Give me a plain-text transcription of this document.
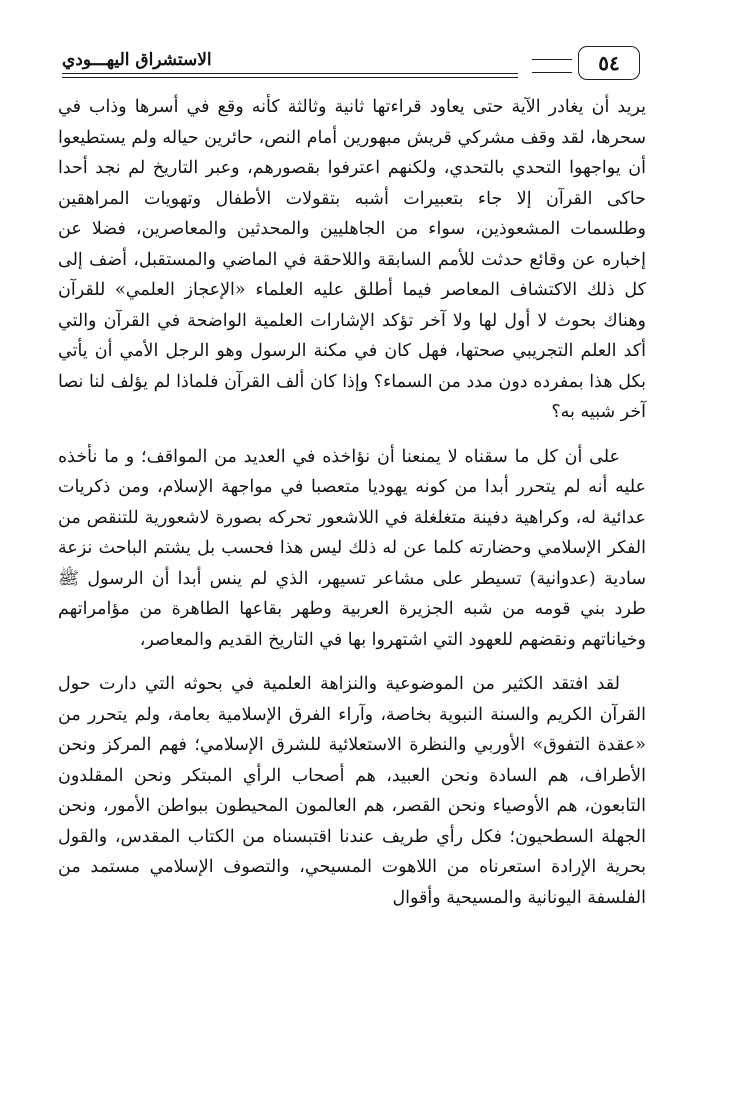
الاستشراق اليهـــودي	٥٤

يريد أن يغادر الآية حتى يعاود قراءتها ثانية وثالثة كأنه وقع في أسرها وذاب في سحرها، لقد وقف مشركي قريش مبهورين أمام النص، حائرين حياله ولم يستطيعوا أن يواجهوا التحدي بالتحدي، ولكنهم اعترفوا بقصورهم، وعبر التاريخ لم نجد أحدا حاكى القرآن إلا جاء بتعبيرات أشبه بتقولات الأطفال وتهويات المراهقين وطلسمات المشعوذين، سواء من الجاهليين والمحدثين والمعاصرين، فضلا عن إخباره عن وقائع حدثت للأمم السابقة واللاحقة في الماضي والمستقبل، أضف إلى كل ذلك الاكتشاف المعاصر فيما أطلق عليه العلماء «الإعجاز العلمي» للقرآن وهناك بحوث لا أول لها ولا آخر تؤكد الإشارات العلمية الواضحة في القرآن والتي أكد العلم التجريبي صحتها، فهل كان في مكنة الرسول وهو الرجل الأمي أن يأتي بكل هذا بمفرده دون مدد من السماء؟ وإذا كان ألف القرآن فلماذا لم يؤلف لنا نصا آخر شبيه به؟

على أن كل ما سقناه لا يمنعنا أن نؤاخذه في العديد من المواقف؛ و ما نأخذه عليه أنه لم يتحرر أبدا من كونه يهوديا متعصبا في مواجهة الإسلام، ومن ذكريات عدائية له، وكراهية دفينة متغلغلة في اللاشعور تحركه بصورة لاشعورية للتنقص من الفكر الإسلامي وحضارته كلما عن له ذلك ليس هذا فحسب بل يشتم الباحث نزعة سادية (عدوانية) تسيطر على مشاعر تسيهر، الذي لم ينس أبدا أن الرسول ﷺ طرد بني قومه من شبه الجزيرة العربية وطهر بقاعها الطاهرة من مؤامراتهم وخياناتهم ونقضهم للعهود التي اشتهروا بها في التاريخ القديم والمعاصر،

لقد افتقد الكثير من الموضوعية والنزاهة العلمية في بحوثه التي دارت حول القرآن الكريم والسنة النبوية بخاصة، وآراء الفرق الإسلامية بعامة، ولم يتحرر من «عقدة التفوق» الأوربي والنظرة الاستعلائية للشرق الإسلامي؛ فهم المركز ونحن الأطراف، هم السادة ونحن العبيد، هم أصحاب الرأي المبتكر ونحن المقلدون التابعون، هم الأوصياء ونحن القصر، هم العالمون المحيطون ببواطن الأمور، ونحن الجهلة السطحيون؛ فكل رأي طريف عندنا اقتبسناه من الكتاب المقدس، والقول بحرية الإرادة استعرناه من اللاهوت المسيحي، والتصوف الإسلامي مستمد من الفلسفة اليونانية والمسيحية وأقوال
